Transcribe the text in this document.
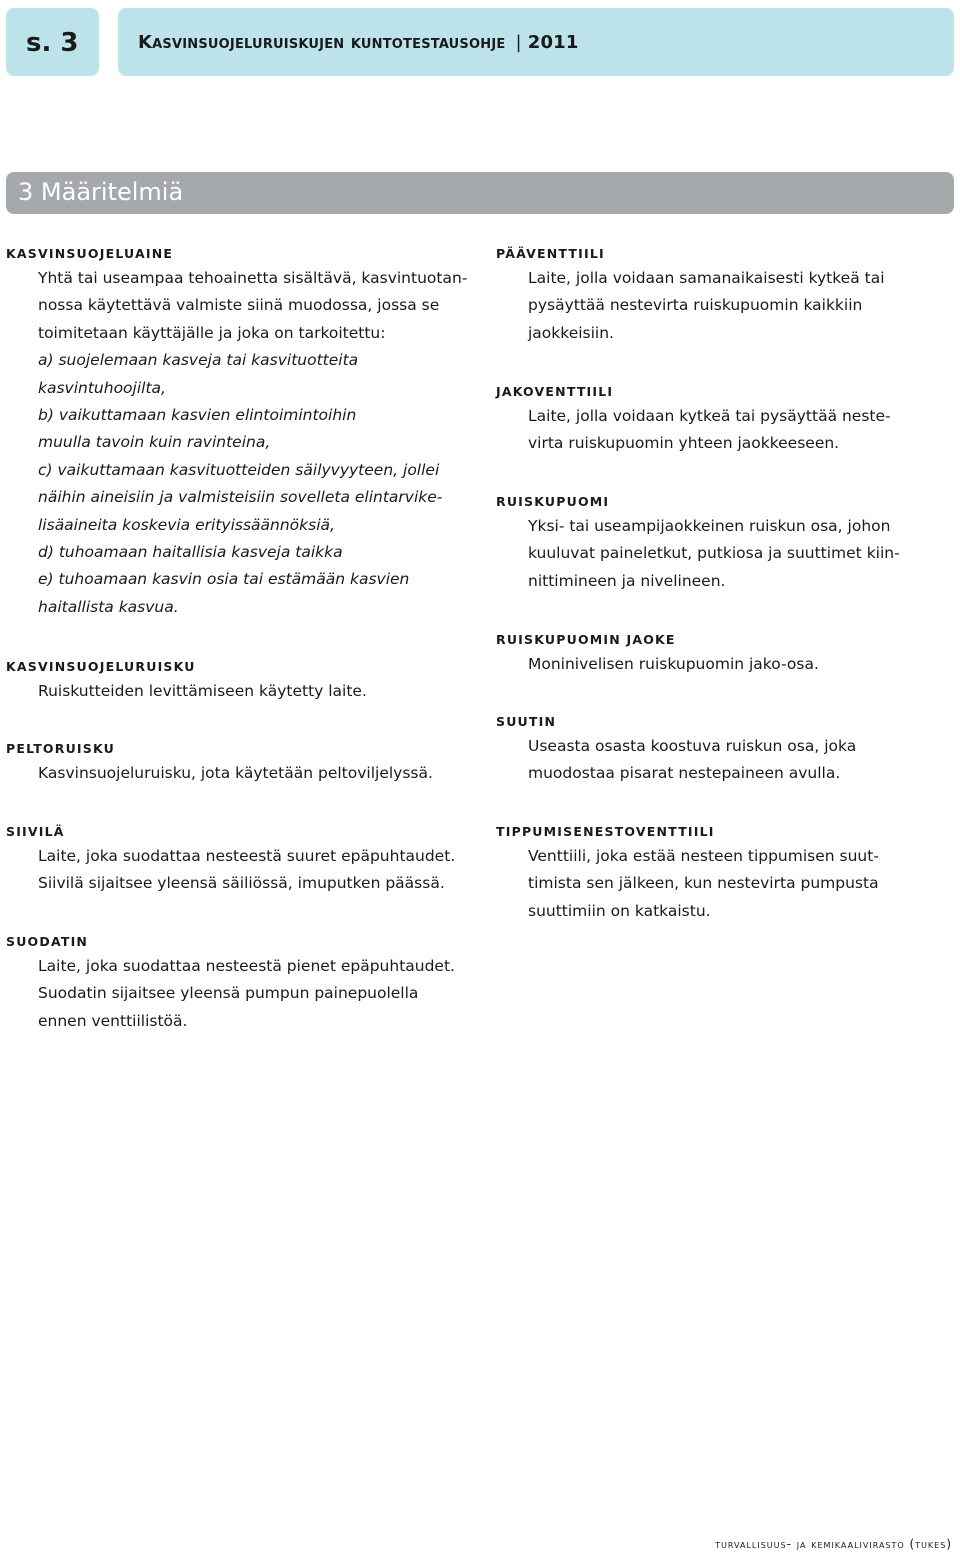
s. 3	Kasvinsuojeluruiskujen kuntotestausohje | 2011
3 Määritelmiä
KASVINSUOJELUAINE
Yhtä tai useampaa tehoainetta sisältävä, kasvintuotan-
nossa käytettävä valmiste siinä muodossa, jossa se
toimitetaan käyttäjälle ja joka on tarkoitettu:
a) suojelemaan kasveja tai kasvituotteita
kasvintuhoojilta,
b) vaikuttamaan kasvien elintoimintoihin
muulla tavoin kuin ravinteina,
c) vaikuttamaan kasvituotteiden säilyvyyteen, jollei
näihin aineisiin ja valmisteisiin sovelleta elintarvike-
lisäaineita koskevia erityissäännöksiä,
d) tuhoamaan haitallisia kasveja taikka
e) tuhoamaan kasvin osia tai estämään kasvien
haitallista kasvua.
KASVINSUOJELURUISKU
Ruiskutteiden levittämiseen käytetty laite.
PELTORUISKU
Kasvinsuojeluruisku, jota käytetään peltoviljelyssä.
SIIVILÄ
Laite, joka suodattaa nesteestä suuret epäpuhtaudet.
Siivilä sijaitsee yleensä säiliössä, imuputken päässä.
SUODATIN
Laite, joka suodattaa nesteestä pienet epäpuhtaudet.
Suodatin sijaitsee yleensä pumpun painepuolella
ennen venttiilistöä.
PÄÄVENTTIILI
Laite, jolla voidaan samanaikaisesti kytkeä tai
pysäyttää nestevirta ruiskupuomin kaikkiin
jaokkeisiin.
JAKOVENTTIILI
Laite, jolla voidaan kytkeä tai pysäyttää neste-
virta ruiskupuomin yhteen jaokkeeseen.
RUISKUPUOMI
Yksi- tai useampijaokkeinen ruiskun osa, johon
kuuluvat paineletkut, putkiosa ja suuttimet kiin-
nittimineen ja nivelineen.
RUISKUPUOMIN JAOKE
Moninivelisen ruiskupuomin jako-osa.
SUUTIN
Useasta osasta koostuva ruiskun osa, joka
muodostaa pisarat nestepaineen avulla.
TIPPUMISENESTOVENTTIILI
Venttiili, joka estää nesteen tippumisen suut-
timista sen jälkeen, kun nestevirta pumpusta
suuttimiin on katkaistu.
turvallisuus- ja kemikaalivirasto (tukes)
